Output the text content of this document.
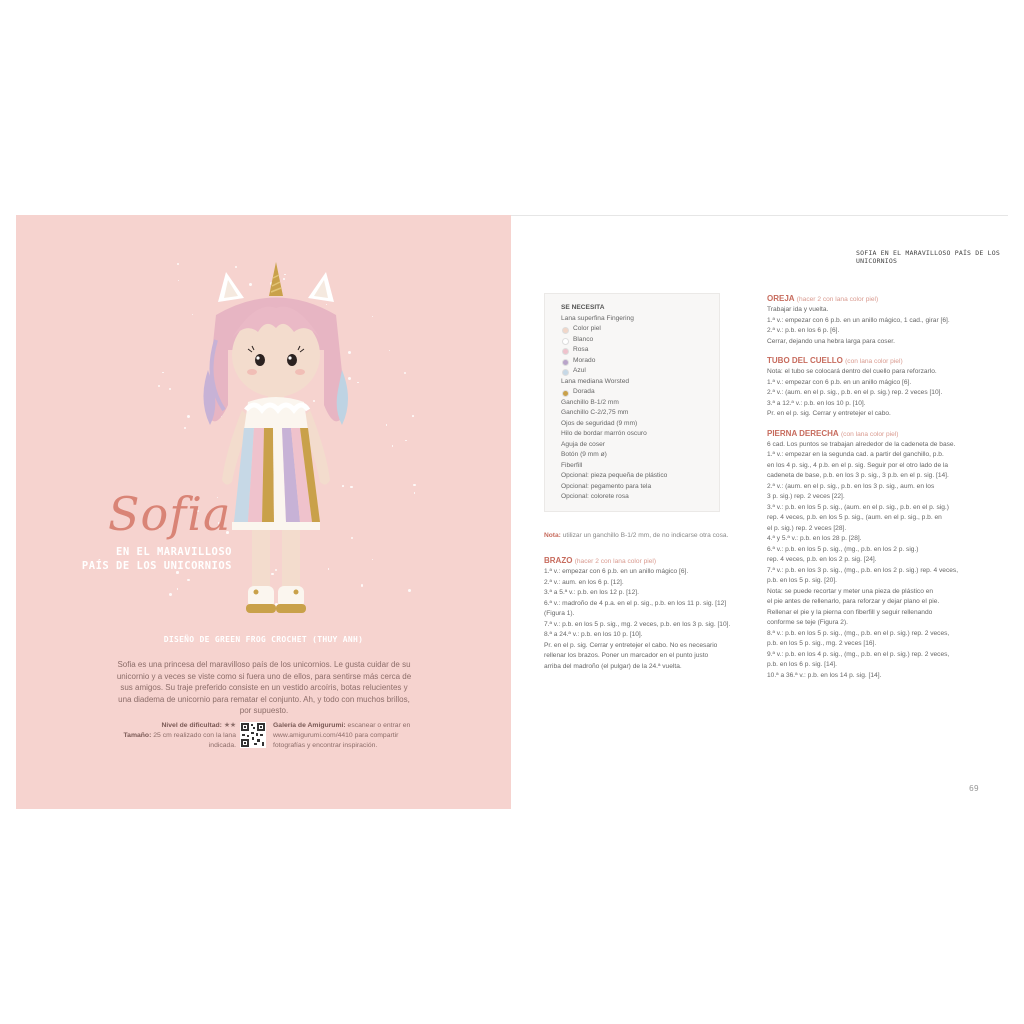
Sofia
EN EL MARAVILLOSO
PAÍS DE LOS UNICORNIOS
DISEÑO DE GREEN FROG CROCHET (THUY ANH)
Sofia es una princesa del maravilloso país de los unicornios. Le gusta cuidar de su unicornio y a veces se viste como si fuera uno de ellos, para sentirse más cerca de sus amigos. Su traje preferido consiste en un vestido arcoíris, botas relucientes y una diadema de unicornio para rematar el conjunto. Ah, y todo con muchos brillos, por supuesto.
Nivel de dificultad: ★★
Tamaño: 25 cm realizado con la lana indicada.
Galería de Amigurumi: escanear o entrar en www.amigurumi.com/4410 para compartir fotografías y encontrar inspiración.
SOFIA EN EL MARAVILLOSO PAÍS DE LOS UNICORNIOS
SE NECESITA
Lana superfina Fingering
Color piel
Blanco
Rosa
Morado
Azul
Lana mediana Worsted
Dorada
Ganchillo B-1/2 mm
Ganchillo C-2/2,75 mm
Ojos de seguridad (9 mm)
Hilo de bordar marrón oscuro
Aguja de coser
Botón (9 mm ø)
Fiberfill
Opcional: pieza pequeña de plástico
Opcional: pegamento para tela
Opcional: colorete rosa
Nota: utilizar un ganchillo B-1/2 mm, de no indicarse otra cosa.
BRAZO (hacer 2 con lana color piel)
1.ª v.: empezar con 6 p.b. en un anillo mágico [6].
2.ª v.: aum. en los 6 p. [12].
3.ª a 5.ª v.: p.b. en los 12 p. [12].
6.ª v.: madroño de 4 p.a. en el p. sig., p.b. en los 11 p. sig. [12]
(Figura 1).
7.ª v.: p.b. en los 5 p. sig., mg. 2 veces, p.b. en los 3 p. sig. [10].
8.ª a 24.ª v.: p.b. en los 10 p. [10].
Pr. en el p. sig. Cerrar y entretejer el cabo. No es necesario
rellenar los brazos. Poner un marcador en el punto justo
arriba del madroño (el pulgar) de la 24.ª vuelta.
OREJA (hacer 2 con lana color piel)
Trabajar ida y vuelta.
1.ª v.: empezar con 6 p.b. en un anillo mágico, 1 cad., girar [6].
2.ª v.: p.b. en los 6 p. [6].
Cerrar, dejando una hebra larga para coser.
TUBO DEL CUELLO (con lana color piel)
Nota: el tubo se colocará dentro del cuello para reforzarlo.
1.ª v.: empezar con 6 p.b. en un anillo mágico [6].
2.ª v.: (aum. en el p. sig., p.b. en el p. sig.) rep. 2 veces [10].
3.ª a 12.ª v.: p.b. en los 10 p. [10].
Pr. en el p. sig. Cerrar y entretejer el cabo.
PIERNA DERECHA (con lana color piel)
6 cad. Los puntos se trabajan alrededor de la cadeneta de base.
1.ª v.: empezar en la segunda cad. a partir del ganchillo, p.b.
en los 4 p. sig., 4 p.b. en el p. sig. Seguir por el otro lado de la
cadeneta de base, p.b. en los 3 p. sig., 3 p.b. en el p. sig. [14].
2.ª v.: (aum. en el p. sig., p.b. en los 3 p. sig., aum. en los
3 p. sig.) rep. 2 veces [22].
3.ª v.: p.b. en los 5 p. sig., (aum. en el p. sig., p.b. en el p. sig.)
rep. 4 veces, p.b. en los 5 p. sig., (aum. en el p. sig., p.b. en
el p. sig.) rep. 2 veces [28].
4.ª y 5.ª v.: p.b. en los 28 p. [28].
6.ª v.: p.b. en los 5 p. sig., (mg., p.b. en los 2 p. sig.)
rep. 4 veces, p.b. en los 2 p. sig. [24].
7.ª v.: p.b. en los 3 p. sig., (mg., p.b. en los 2 p. sig.) rep. 4 veces,
p.b. en los 5 p. sig. [20].
Nota: se puede recortar y meter una pieza de plástico en
el pie antes de rellenarlo, para reforzar y dejar plano el pie.
Rellenar el pie y la pierna con fiberfill y seguir rellenando
conforme se teje (Figura 2).
8.ª v.: p.b. en los 5 p. sig., (mg., p.b. en el p. sig.) rep. 2 veces,
p.b. en los 5 p. sig., mg. 2 veces [16].
9.ª v.: p.b. en los 4 p. sig., (mg., p.b. en el p. sig.) rep. 2 veces,
p.b. en los 6 p. sig. [14].
10.ª a 36.ª v.: p.b. en los 14 p. sig. [14].
69
